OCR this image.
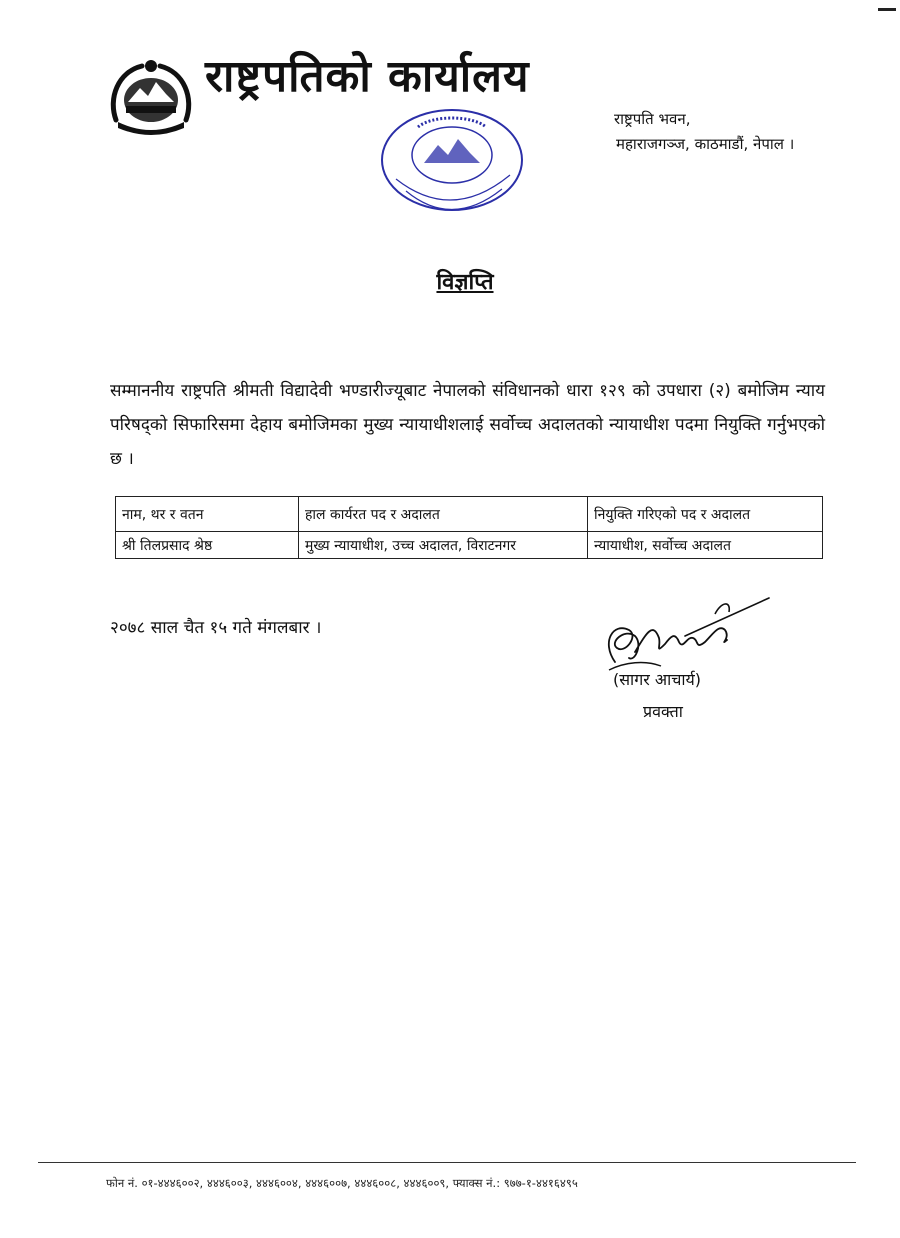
राष्ट्रपतिको कार्यालय
राष्ट्रपति भवन,
महाराजगञ्ज, काठमाडौं, नेपाल ।
विज्ञप्ति
सम्माननीय राष्ट्रपति श्रीमती विद्यादेवी भण्डारीज्यूबाट नेपालको संविधानको धारा १२९ को उपधारा (२) बमोजिम न्याय परिषद्को सिफारिसमा देहाय बमोजिमका मुख्य न्यायाधीशलाई सर्वोच्च अदालतको न्यायाधीश पदमा नियुक्ति गर्नुभएको छ ।
नाम, थर र वतन	हाल कार्यरत पद र अदालत	नियुक्ति गरिएको पद र अदालत
श्री तिलप्रसाद श्रेष्ठ	मुख्य न्यायाधीश, उच्च अदालत, विराटनगर	न्यायाधीश, सर्वोच्च अदालत
२०७८ साल चैत १५ गते मंगलबार ।
(सागर आचार्य)
प्रवक्ता
फोन नं. ०१-४४४६००२, ४४४६००३, ४४४६००४, ४४४६००७, ४४४६००८, ४४४६००९, फ्याक्स नं.: ९७७-१-४४१६४९५
